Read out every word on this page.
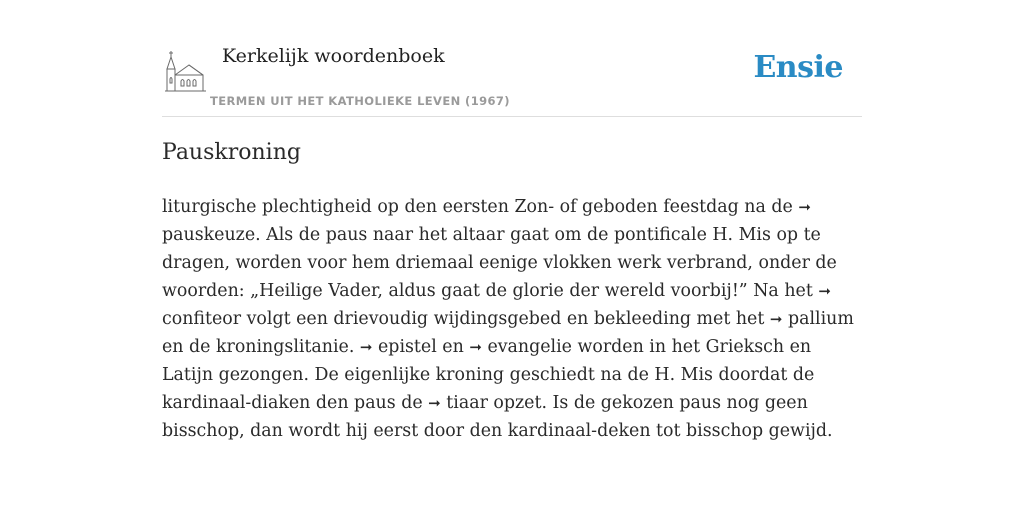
Kerkelijk woordenboek
TERMEN UIT HET KATHOLIEKE LEVEN (1967)
Ensie
Pauskroning

liturgische plechtigheid op den eersten Zon- of geboden feestdag na de ➞ pauskeuze. Als de paus naar het altaar gaat om de pontificale H. Mis op te dragen, worden voor hem driemaal eenige vlokken werk verbrand, onder de woorden: „Heilige Vader, aldus gaat de glorie der wereld voorbij!” Na het ➞ confiteor volgt een drievoudig wijdingsgebed en bekleeding met het ➞ pallium en de kroningslitanie. ➞ epistel en ➞ evangelie worden in het Grieksch en Latijn gezongen. De eigenlijke kroning geschiedt na de H. Mis doordat de kardinaal-diaken den paus de ➞ tiaar opzet. Is de gekozen paus nog geen bisschop, dan wordt hij eerst door den kardinaal-deken tot bisschop gewijd.
